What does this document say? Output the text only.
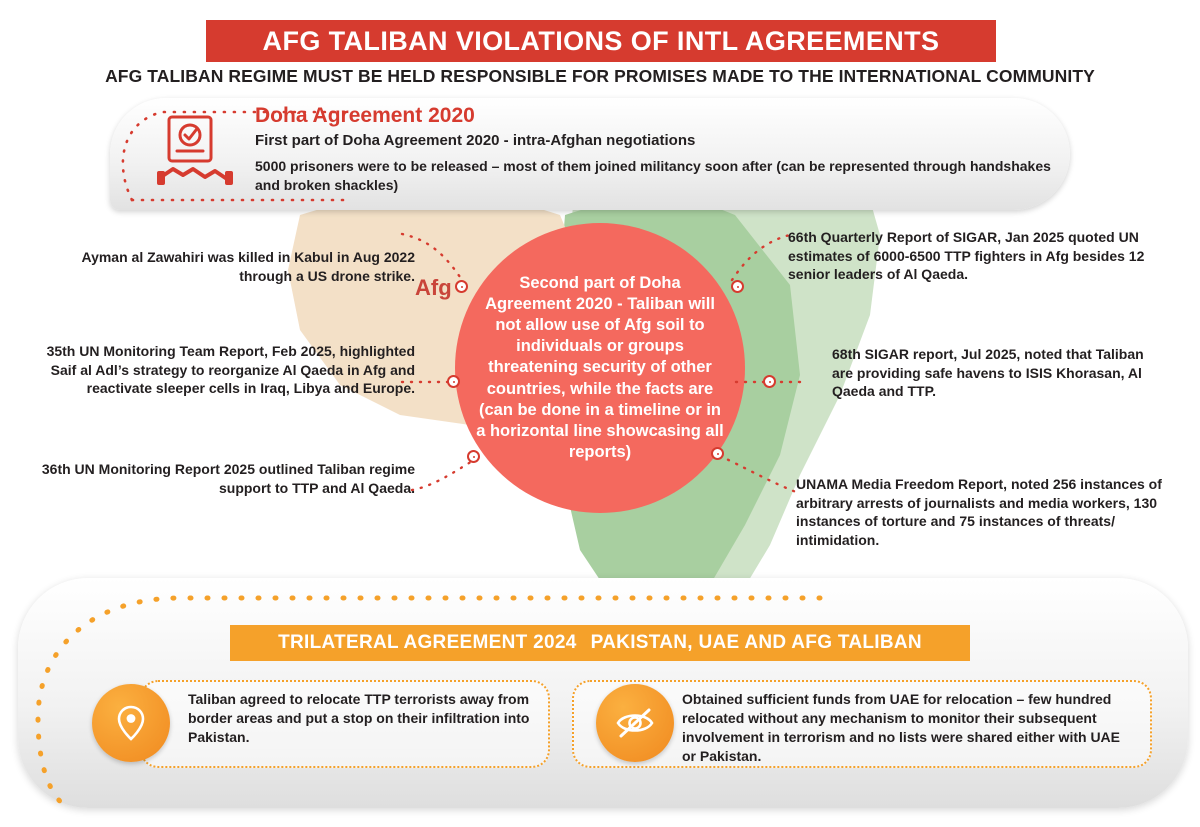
Afg
AFG TALIBAN VIOLATIONS OF INTL AGREEMENTS
AFG TALIBAN REGIME MUST BE HELD RESPONSIBLE FOR PROMISES MADE TO THE INTERNATIONAL COMMUNITY

Doha Agreement 2020

First part of Doha Agreement 2020 - intra-Afghan negotiations

5000 prisoners were to be released – most of them joined militancy soon after (can be represented through handshakes and broken shackles)

Second part of Doha Agreement 2020 - Taliban will not allow use of Afg soil to individuals or groups threatening security of other countries, while the facts are (can be done in a timeline or in a horizontal line showcasing all reports)

Ayman al Zawahiri was killed in Kabul in Aug 2022 through a US drone strike.
35th UN Monitoring Team Report, Feb 2025, highlighted Saif al Adl’s strategy to reorganize Al Qaeda in Afg and reactivate sleeper cells in Iraq, Libya and Europe.
36th UN Monitoring Report 2025 outlined Taliban regime support to TTP and Al Qaeda.
66th Quarterly Report of SIGAR, Jan 2025 quoted UN estimates of 6000-6500 TTP fighters in Afg besides 12 senior leaders of Al Qaeda.
68th SIGAR report, Jul 2025, noted that Taliban are providing safe havens to ISIS Khorasan, Al Qaeda and TTP.
UNAMA Media Freedom Report, noted 256 instances of arbitrary arrests of journalists and media workers, 130 instances of torture and 75 instances of threats/ intimidation.
TRILATERAL AGREEMENT 2024 PAKISTAN, UAE AND AFG TALIBAN
Taliban agreed to relocate TTP terrorists away from border areas and put a stop on their infiltration into Pakistan.
Obtained sufficient funds from UAE for relocation – few hundred relocated without any mechanism to monitor their subsequent involvement in terrorism and no lists were shared either with UAE or Pakistan.
